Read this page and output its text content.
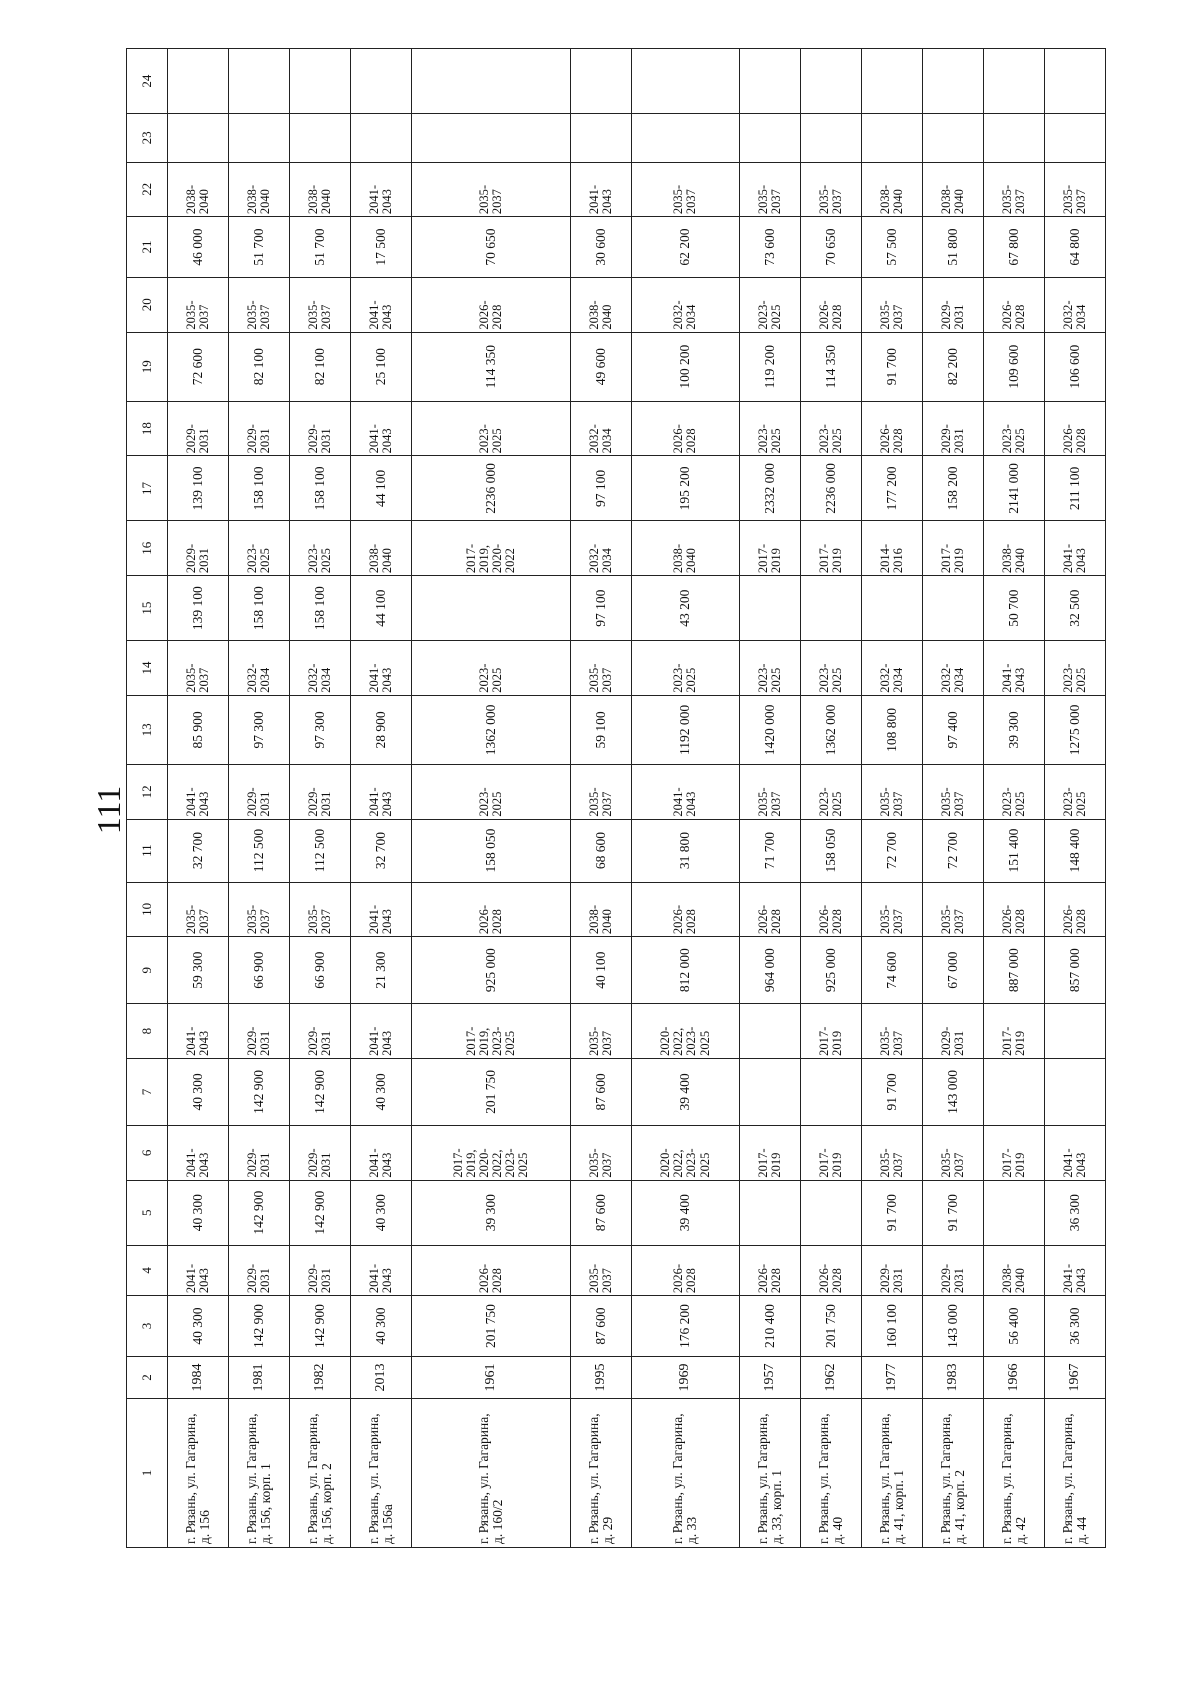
111
1	2	3	4	5	6	7	8	9	10	11	12	13	14	15	16	17	18	19	20	21	22	23	24
г. Рязань, ул. Гагарина, д. 156	1984	40 300	2041-2043	40 300	2041-2043	40 300	2041-2043	59 300	2035-2037	32 700	2041-2043	85 900	2035-2037	139 100	2029-2031	139 100	2029-2031	72 600	2035-2037	46 000	2038-2040		
г. Рязань, ул. Гагарина, д. 156, корп. 1	1981	142 900	2029-2031	142 900	2029-2031	142 900	2029-2031	66 900	2035-2037	112 500	2029-2031	97 300	2032-2034	158 100	2023-2025	158 100	2029-2031	82 100	2035-2037	51 700	2038-2040		
г. Рязань, ул. Гагарина, д. 156, корп. 2	1982	142 900	2029-2031	142 900	2029-2031	142 900	2029-2031	66 900	2035-2037	112 500	2029-2031	97 300	2032-2034	158 100	2023-2025	158 100	2029-2031	82 100	2035-2037	51 700	2038-2040		
г. Рязань, ул. Гагарина, д. 156а	2013	40 300	2041-2043	40 300	2041-2043	40 300	2041-2043	21 300	2041-2043	32 700	2041-2043	28 900	2041-2043	44 100	2038-2040	44 100	2041-2043	25 100	2041-2043	17 500	2041-2043		
г. Рязань, ул. Гагарина, д. 160/2	1961	201 750	2026-2028	39 300	2017-2019, 2020-2022, 2023-2025	201 750	2017-2019, 2023-2025	925 000	2026-2028	158 050	2023-2025	1362 000	2023-2025		2017-2019, 2020-2022	2236 000	2023-2025	114 350	2026-2028	70 650	2035-2037		
г. Рязань, ул. Гагарина, д. 29	1995	87 600	2035-2037	87 600	2035-2037	87 600	2035-2037	40 100	2038-2040	68 600	2035-2037	59 100	2035-2037	97 100	2032-2034	97 100	2032-2034	49 600	2038-2040	30 600	2041-2043		
г. Рязань, ул. Гагарина, д. 33	1969	176 200	2026-2028	39 400	2020-2022, 2023-2025	39 400	2020-2022, 2023-2025	812 000	2026-2028	31 800	2041-2043	1192 000	2023-2025	43 200	2038-2040	195 200	2026-2028	100 200	2032-2034	62 200	2035-2037		
г. Рязань, ул. Гагарина, д. 33, корп. 1	1957	210 400	2026-2028		2017-2019			964 000	2026-2028	71 700	2035-2037	1420 000	2023-2025		2017-2019	2332 000	2023-2025	119 200	2023-2025	73 600	2035-2037		
г. Рязань, ул. Гагарина, д. 40	1962	201 750	2026-2028		2017-2019		2017-2019	925 000	2026-2028	158 050	2023-2025	1362 000	2023-2025		2017-2019	2236 000	2023-2025	114 350	2026-2028	70 650	2035-2037		
г. Рязань, ул. Гагарина, д. 41, корп. 1	1977	160 100	2029-2031	91 700	2035-2037	91 700	2035-2037	74 600	2035-2037	72 700	2035-2037	108 800	2032-2034		2014-2016	177 200	2026-2028	91 700	2035-2037	57 500	2038-2040		
г. Рязань, ул. Гагарина, д. 41, корп. 2	1983	143 000	2029-2031	91 700	2035-2037	143 000	2029-2031	67 000	2035-2037	72 700	2035-2037	97 400	2032-2034		2017-2019	158 200	2029-2031	82 200	2029-2031	51 800	2038-2040		
г. Рязань, ул. Гагарина, д. 42	1966	56 400	2038-2040		2017-2019		2017-2019	887 000	2026-2028	151 400	2023-2025	39 300	2041-2043	50 700	2038-2040	2141 000	2023-2025	109 600	2026-2028	67 800	2035-2037		
г. Рязань, ул. Гагарина, д. 44	1967	36 300	2041-2043	36 300	2041-2043			857 000	2026-2028	148 400	2023-2025	1275 000	2023-2025	32 500	2041-2043	211 100	2026-2028	106 600	2032-2034	64 800	2035-2037		
